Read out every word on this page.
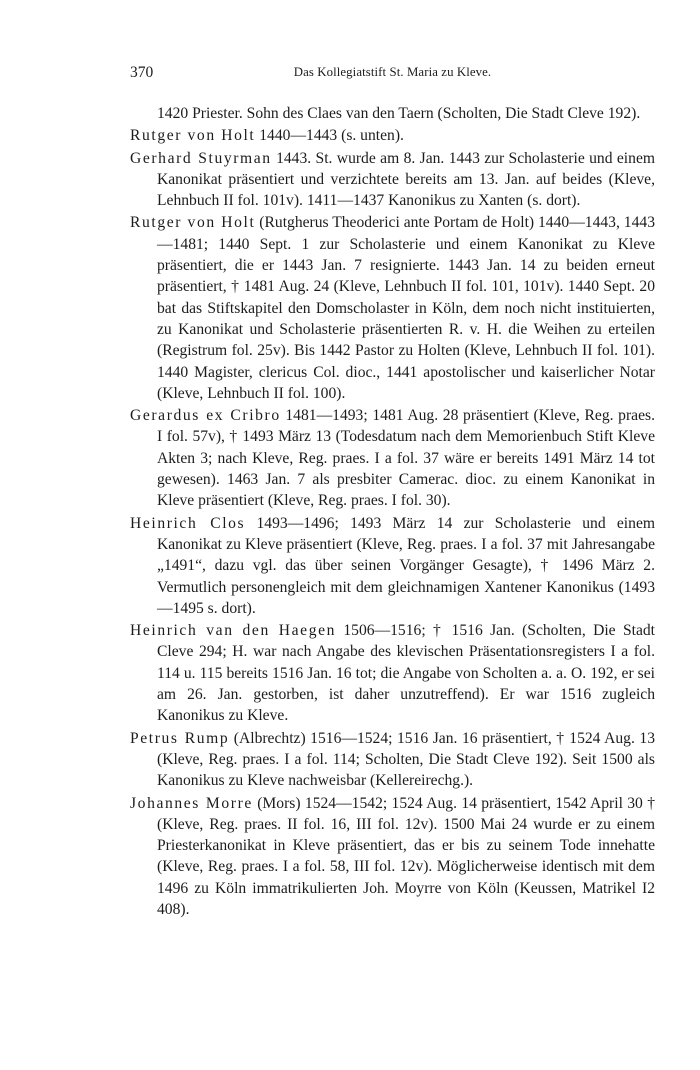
370	Das Kollegiatstift St. Maria zu Kleve.

1420 Priester. Sohn des Claes van den Taern (Scholten, Die Stadt Cleve 192).

Rutger von Holt 1440—1443 (s. unten).

Gerhard Stuyrman 1443. St. wurde am 8. Jan. 1443 zur Scholasterie und einem Kanonikat präsentiert und verzichtete bereits am 13. Jan. auf beides (Kleve, Lehnbuch II fol. 101v). 1411—1437 Kanonikus zu Xanten (s. dort).

Rutger von Holt (Rutgherus Theoderici ante Portam de Holt) 1440—1443, 1443—1481; 1440 Sept. 1 zur Scholasterie und einem Kanonikat zu Kleve präsentiert, die er 1443 Jan. 7 resignierte. 1443 Jan. 14 zu beiden erneut präsentiert, † 1481 Aug. 24 (Kleve, Lehnbuch II fol. 101, 101v). 1440 Sept. 20 bat das Stiftskapitel den Domscholaster in Köln, dem noch nicht instituierten, zu Kanonikat und Scholasterie präsentierten R. v. H. die Weihen zu erteilen (Registrum fol. 25v). Bis 1442 Pastor zu Holten (Kleve, Lehnbuch II fol. 101). 1440 Magister, clericus Col. dioc., 1441 apostolischer und kaiserlicher Notar (Kleve, Lehnbuch II fol. 100).

Gerardus ex Cribro 1481—1493; 1481 Aug. 28 präsentiert (Kleve, Reg. praes. I fol. 57v), † 1493 März 13 (Todesdatum nach dem Memorienbuch Stift Kleve Akten 3; nach Kleve, Reg. praes. I a fol. 37 wäre er bereits 1491 März 14 tot gewesen). 1463 Jan. 7 als presbiter Camerac. dioc. zu einem Kanonikat in Kleve präsentiert (Kleve, Reg. praes. I fol. 30).

Heinrich Clos 1493—1496; 1493 März 14 zur Scholasterie und einem Kanonikat zu Kleve präsentiert (Kleve, Reg. praes. I a fol. 37 mit Jahresangabe „1491“, dazu vgl. das über seinen Vorgänger Gesagte), † 1496 März 2. Vermutlich personengleich mit dem gleichnamigen Xantener Kanonikus (1493—1495 s. dort).

Heinrich van den Haegen 1506—1516; † 1516 Jan. (Scholten, Die Stadt Cleve 294; H. war nach Angabe des klevischen Präsentationsregisters I a fol. 114 u. 115 bereits 1516 Jan. 16 tot; die Angabe von Scholten a. a. O. 192, er sei am 26. Jan. gestorben, ist daher unzutreffend). Er war 1516 zugleich Kanonikus zu Kleve.

Petrus Rump (Albrechtz) 1516—1524; 1516 Jan. 16 präsentiert, † 1524 Aug. 13 (Kleve, Reg. praes. I a fol. 114; Scholten, Die Stadt Cleve 192). Seit 1500 als Kanonikus zu Kleve nachweisbar (Kellereirechg.).

Johannes Morre (Mors) 1524—1542; 1524 Aug. 14 präsentiert, 1542 April 30 † (Kleve, Reg. praes. II fol. 16, III fol. 12v). 1500 Mai 24 wurde er zu einem Priesterkanonikat in Kleve präsentiert, das er bis zu seinem Tode innehatte (Kleve, Reg. praes. I a fol. 58, III fol. 12v). Möglicherweise identisch mit dem 1496 zu Köln immatrikulierten Joh. Moyrre von Köln (Keussen, Matrikel I2 408).
